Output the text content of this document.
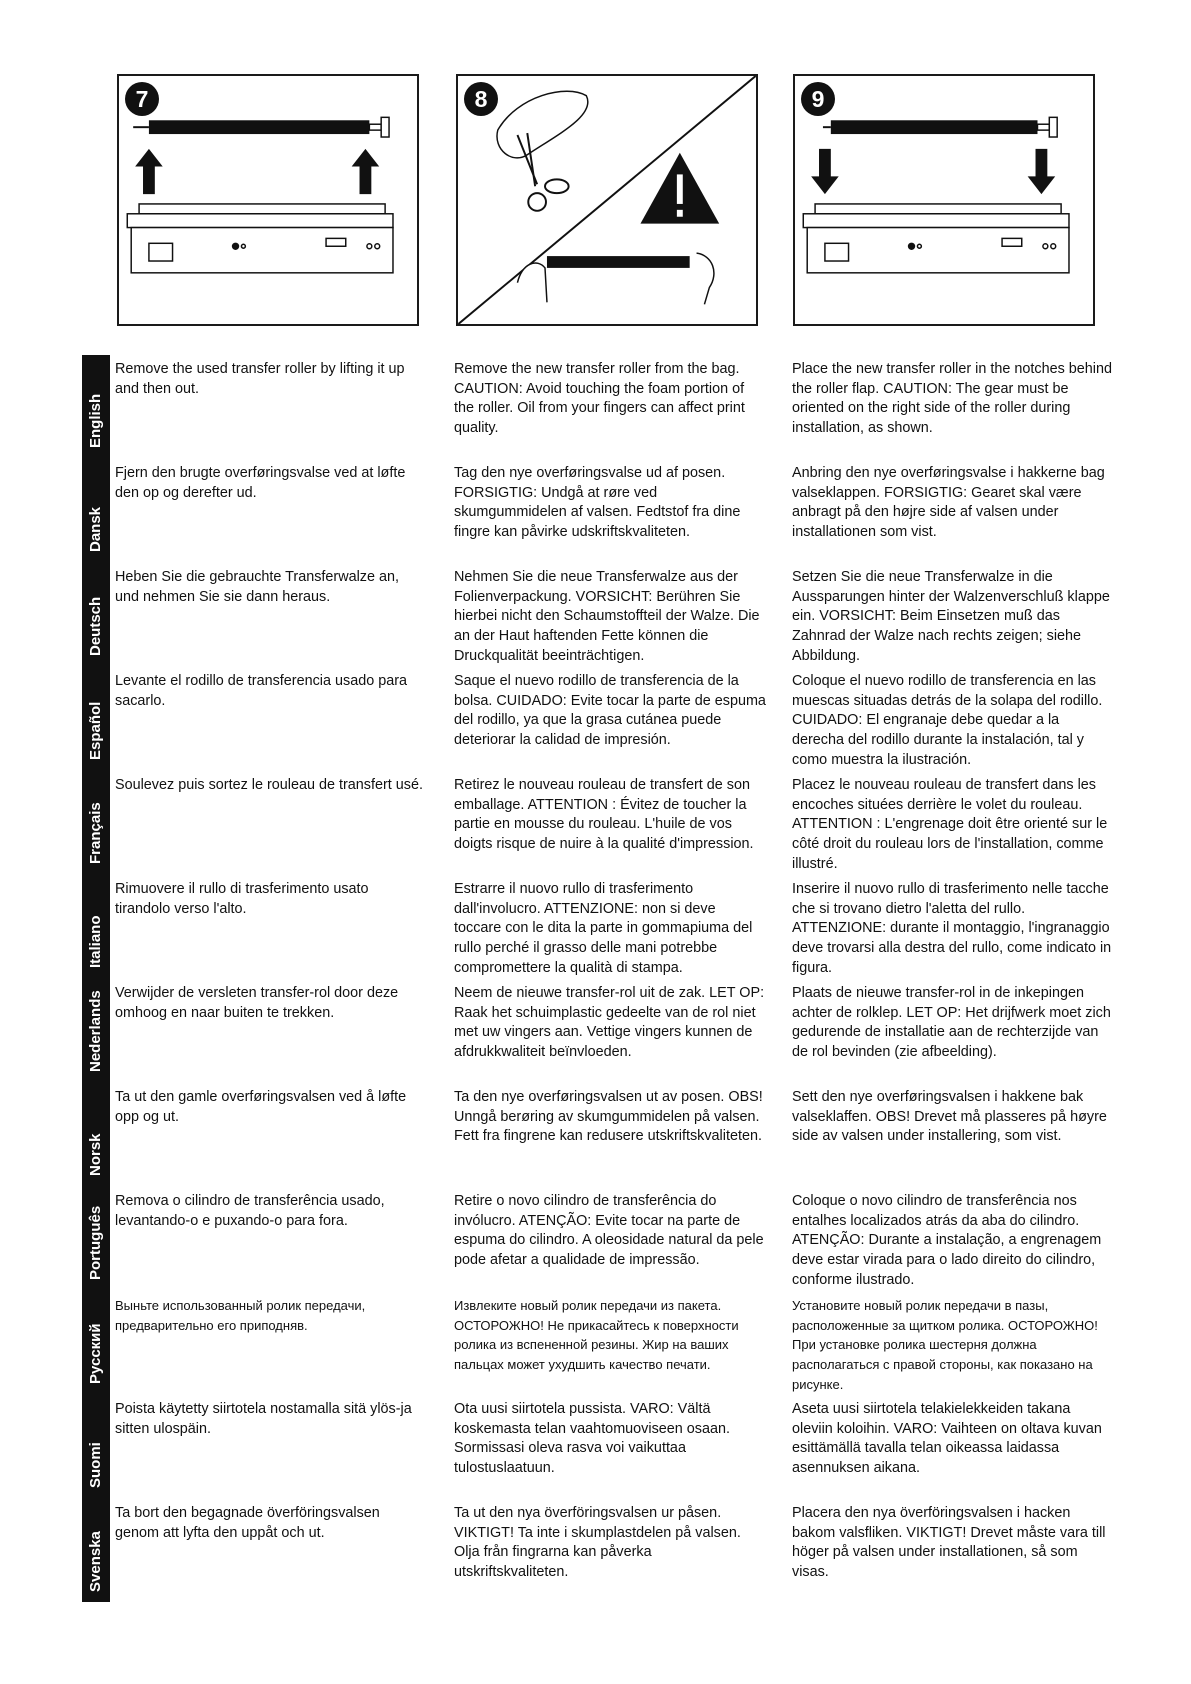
7	8	9
English

Remove the used transfer roller by lifting it up and then out.

Remove the new transfer roller from the bag. CAUTION: Avoid touching the foam portion of the roller. Oil from your fingers can affect print quality.

Place the new transfer roller in the notches behind the roller flap. CAUTION: The gear must be oriented on the right side of the roller during installation, as shown.

Dansk

Fjern den brugte overføringsvalse ved at løfte den op og derefter ud.

Tag den nye overføringsvalse ud af posen. FORSIGTIG: Undgå at røre ved skumgummidelen af valsen. Fedtstof fra dine fingre kan påvirke udskriftskvaliteten.

Anbring den nye overføringsvalse i hakkerne bag valseklappen. FORSIGTIG: Gearet skal være anbragt på den højre side af valsen under installationen som vist.

Deutsch

Heben Sie die gebrauchte Transferwalze an, und nehmen Sie sie dann heraus.

Nehmen Sie die neue Transferwalze aus der Folienverpackung. VORSICHT: Berühren Sie hierbei nicht den Schaumstoffteil der Walze. Die an der Haut haftenden Fette können die Druckqualität beeinträchtigen.

Setzen Sie die neue Transferwalze in die Aussparungen hinter der Walzenverschluß klappe ein. VORSICHT: Beim Einsetzen muß das Zahnrad der Walze nach rechts zeigen; siehe Abbildung.

Español

Levante el rodillo de transferencia usado para sacarlo.

Saque el nuevo rodillo de transferencia de la bolsa. CUIDADO: Evite tocar la parte de espuma del rodillo, ya que la grasa cutánea puede deteriorar la calidad de impresión.

Coloque el nuevo rodillo de transferencia en las muescas situadas detrás de la solapa del rodillo. CUIDADO: El engranaje debe quedar a la derecha del rodillo durante la instalación, tal y como muestra la ilustración.

Français

Soulevez puis sortez le rouleau de transfert usé. Retirez le nouveau rouleau de transfert de son emballage. ATTENTION : Évitez de toucher la partie en mousse du rouleau. L'huile de vos doigts risque de nuire à la qualité d'impression.

Placez le nouveau rouleau de transfert dans les encoches situées derrière le volet du rouleau. ATTENTION : L'engrenage doit être orienté sur le côté droit du rouleau lors de l'installation, comme illustré.

Italiano

Rimuovere il rullo di trasferimento usato tirandolo verso l'alto.

Estrarre il nuovo rullo di trasferimento dall'involucro. ATTENZIONE: non si deve toccare con le dita la parte in gommapiuma del rullo perché il grasso delle mani potrebbe compromettere la qualità di stampa.

Inserire il nuovo rullo di trasferimento nelle tacche che si trovano dietro l'aletta del rullo. ATTENZIONE: durante il montaggio, l'ingranaggio deve trovarsi alla destra del rullo, come indicato in figura.

Nederlands Verwijder de versleten transfer-rol door deze omhoog en naar buiten te trekken.

Neem de nieuwe transfer-rol uit de zak. LET OP: Raak het schuimplastic gedeelte van de rol niet met uw vingers aan. Vettige vingers kunnen de afdrukkwaliteit beïnvloeden.

Plaats de nieuwe transfer-rol in de inkepingen achter de rolklep. LET OP: Het drijfwerk moet zich gedurende de installatie aan de rechterzijde van de rol bevinden (zie afbeelding).

Norsk

Ta ut den gamle overføringsvalsen ved å løfte opp og ut.

Ta den nye overføringsvalsen ut av posen. OBS! Unngå berøring av skumgummidelen på valsen. Fett fra fingrene kan redusere utskriftskvaliteten.

Sett den nye overføringsvalsen i hakkene bak valseklaffen. OBS! Drevet må plasseres på høyre side av valsen under installering, som vist.

Português

Remova o cilindro de transferência usado, levantando-o e puxando-o para fora.

Retire o novo cilindro de transferência do invólucro. ATENÇÃO: Evite tocar na parte de espuma do cilindro. A oleosidade natural da pele pode afetar a qualidade de impressão.

Coloque o novo cilindro de transferência nos entalhes localizados atrás da aba do cilindro. ATENÇÃO: Durante a instalação, a engrenagem deve estar virada para o lado direito do cilindro, conforme ilustrado.

Русский

Выньте использованный ролик передачи, предварительно его приподняв.

Извлеките новый ролик передачи из пакета. ОСТОРОЖНО! Не прикасайтесь к поверхности ролика из вспененной резины. Жир на ваших пальцах может ухудшить качество печати.

Установите новый ролик передачи в пазы, расположенные за щитком ролика. ОСТОРОЖНО! При установке ролика шестерня должна располагаться с правой стороны, как показано на рисунке.

Suomi

Poista käytetty siirtotela nostamalla sitä ylös-ja sitten ulospäin.

Ota uusi siirtotela pussista. VARO: Vältä koskemasta telan vaahtomuoviseen osaan. Sormissasi oleva rasva voi vaikuttaa tulostuslaatuun.

Aseta uusi siirtotela telakielekkeiden takana oleviin koloihin. VARO: Vaihteen on oltava kuvan esittämällä tavalla telan oikeassa laidassa asennuksen aikana.

Svenska

Ta bort den begagnade överföringsvalsen genom att lyfta den uppåt och ut.

Ta ut den nya överföringsvalsen ur påsen. VIKTIGT! Ta inte i skumplastdelen på valsen. Olja från fingrarna kan påverka utskriftskvaliteten.

Placera den nya överföringsvalsen i hacken bakom valsfliken. VIKTIGT! Drevet måste vara till höger på valsen under installationen, så som visas.
